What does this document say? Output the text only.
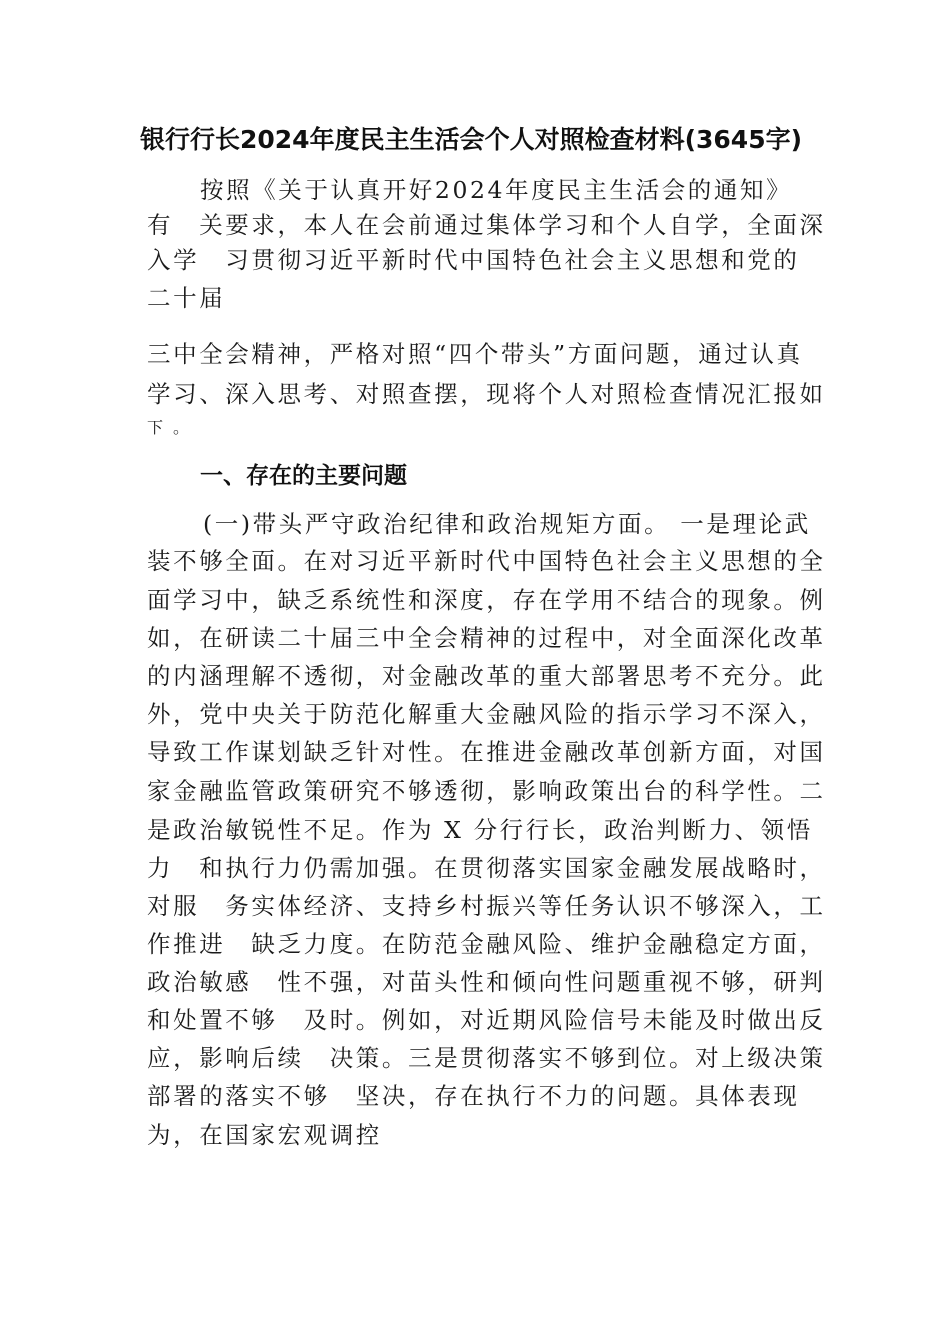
银行行长2024年度民主生活会个人对照检查材料(3645字)
按照《关于认真开好2024年度民主生活会的通知》
有　关要求，本人在会前通过集体学习和个人自学，全面深
入学　习贯彻习近平新时代中国特色社会主义思想和党的
二十届
三中全会精神，严格对照“四个带头”方面问题，通过认真
学习、深入思考、对照查摆，现将个人对照检查情况汇报如
下。
一、存在的主要问题
(一)带头严守政治纪律和政治规矩方面。 一是理论武
装不够全面。在对习近平新时代中国特色社会主义思想的全
面学习中，缺乏系统性和深度，存在学用不结合的现象。例
如，在研读二十届三中全会精神的过程中，对全面深化改革
的内涵理解不透彻，对金融改革的重大部署思考不充分。此
外，党中央关于防范化解重大金融风险的指示学习不深入，
导致工作谋划缺乏针对性。在推进金融改革创新方面，对国
家金融监管政策研究不够透彻，影响政策出台的科学性。二
是政治敏锐性不足。作为 X 分行行长，政治判断力、领悟
力　和执行力仍需加强。在贯彻落实国家金融发展战略时，
对服　务实体经济、支持乡村振兴等任务认识不够深入，工
作推进　缺乏力度。在防范金融风险、维护金融稳定方面，
政治敏感　性不强，对苗头性和倾向性问题重视不够，研判
和处置不够　及时。例如，对近期风险信号未能及时做出反
应，影响后续　决策。三是贯彻落实不够到位。对上级决策
部署的落实不够　坚决，存在执行不力的问题。具体表现
为，在国家宏观调控
